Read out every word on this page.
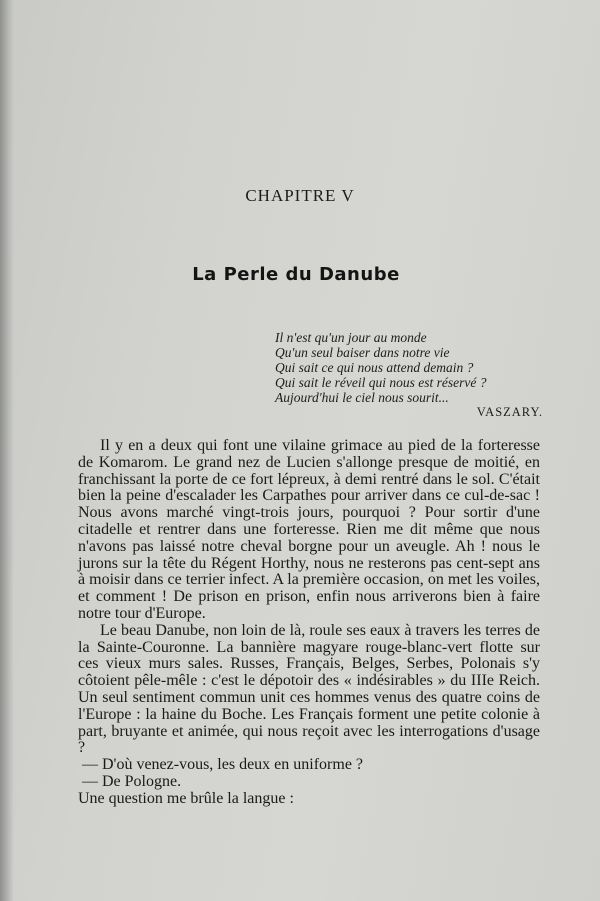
CHAPITRE V
La Perle du Danube
Il n'est qu'un jour au monde
Qu'un seul baiser dans notre vie
Qui sait ce qui nous attend demain ?
Qui sait le réveil qui nous est réservé ?
Aujourd'hui le ciel nous sourit...
VASZARY.

Il y en a deux qui font une vilaine grimace au pied de la forteresse de Komarom. Le grand nez de Lucien s'allonge presque de moitié, en franchissant la porte de ce fort lépreux, à demi rentré dans le sol. C'était bien la peine d'escalader les Carpathes pour arriver dans ce cul-de-sac ! Nous avons marché vingt-trois jours, pourquoi ? Pour sortir d'une citadelle et rentrer dans une forteresse. Rien me dit même que nous n'avons pas laissé notre cheval borgne pour un aveugle. Ah ! nous le jurons sur la tête du Régent Horthy, nous ne resterons pas cent-sept ans à moisir dans ce terrier infect. A la première occasion, on met les voiles, et comment ! De prison en prison, enfin nous arriverons bien à faire notre tour d'Europe.

Le beau Danube, non loin de là, roule ses eaux à travers les terres de la Sainte-Couronne. La bannière magyare rouge-blanc-vert flotte sur ces vieux murs sales. Russes, Français, Belges, Serbes, Polonais s'y côtoient pêle-mêle : c'est le dépotoir des « indésirables » du IIIe Reich. Un seul sentiment commun unit ces hommes venus des quatre coins de l'Europe : la haine du Boche. Les Français forment une petite colonie à part, bruyante et animée, qui nous reçoit avec les interrogations d'usage ?

— D'où venez-vous, les deux en uniforme ?

— De Pologne.

Une question me brûle la langue :
